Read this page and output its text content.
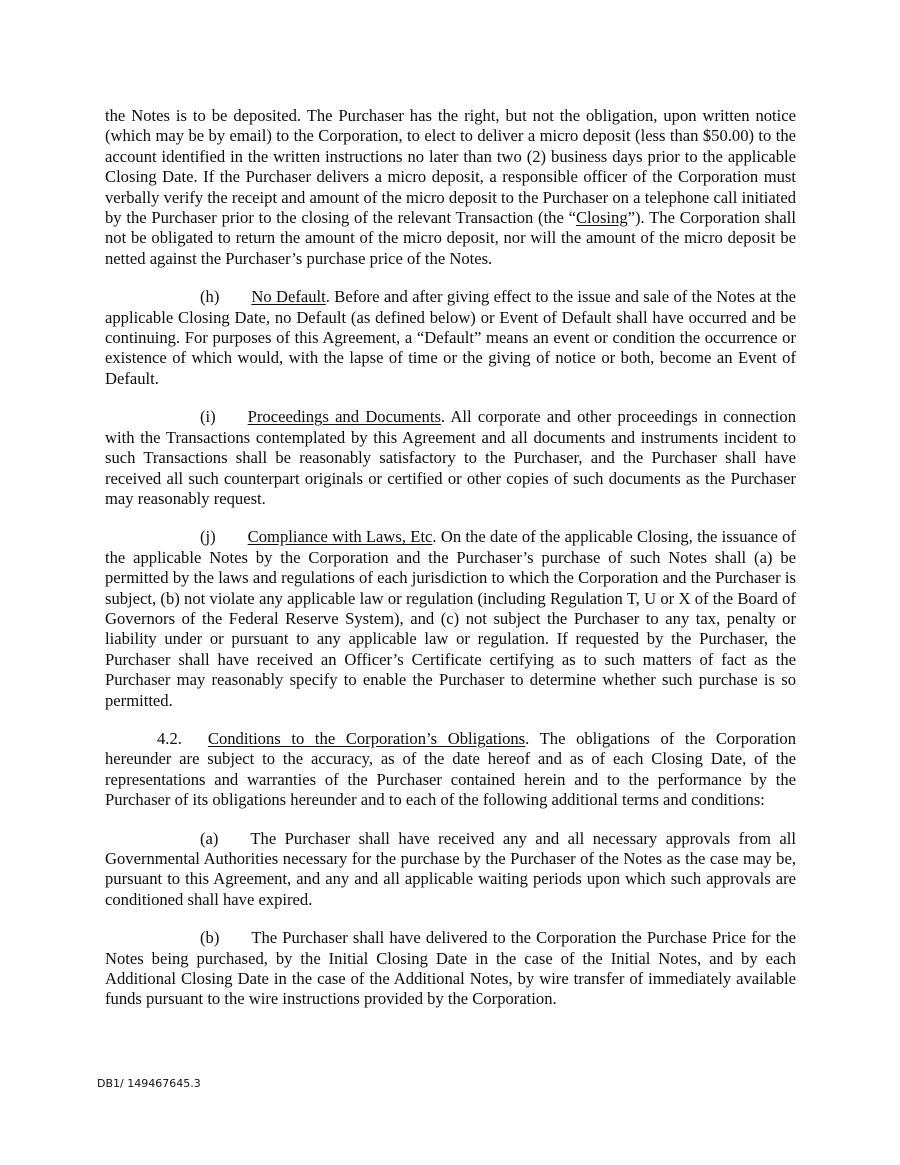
the Notes is to be deposited. The Purchaser has the right, but not the obligation, upon written notice (which may be by email) to the Corporation, to elect to deliver a micro deposit (less than $50.00) to the account identified in the written instructions no later than two (2) business days prior to the applicable Closing Date. If the Purchaser delivers a micro deposit, a responsible officer of the Corporation must verbally verify the receipt and amount of the micro deposit to the Purchaser on a telephone call initiated by the Purchaser prior to the closing of the relevant Transaction (the “Closing”). The Corporation shall not be obligated to return the amount of the micro deposit, nor will the amount of the micro deposit be netted against the Purchaser’s purchase price of the Notes.

(h) No Default. Before and after giving effect to the issue and sale of the Notes at the applicable Closing Date, no Default (as defined below) or Event of Default shall have occurred and be continuing. For purposes of this Agreement, a “Default” means an event or condition the occurrence or existence of which would, with the lapse of time or the giving of notice or both, become an Event of Default.

(i) Proceedings and Documents. All corporate and other proceedings in connection with the Transactions contemplated by this Agreement and all documents and instruments incident to such Transactions shall be reasonably satisfactory to the Purchaser, and the Purchaser shall have received all such counterpart originals or certified or other copies of such documents as the Purchaser may reasonably request.

(j) Compliance with Laws, Etc. On the date of the applicable Closing, the issuance of the applicable Notes by the Corporation and the Purchaser’s purchase of such Notes shall (a) be permitted by the laws and regulations of each jurisdiction to which the Corporation and the Purchaser is subject, (b) not violate any applicable law or regulation (including Regulation T, U or X of the Board of Governors of the Federal Reserve System), and (c) not subject the Purchaser to any tax, penalty or liability under or pursuant to any applicable law or regulation. If requested by the Purchaser, the Purchaser shall have received an Officer’s Certificate certifying as to such matters of fact as the Purchaser may reasonably specify to enable the Purchaser to determine whether such purchase is so permitted.

4.2. Conditions to the Corporation’s Obligations. The obligations of the Corporation hereunder are subject to the accuracy, as of the date hereof and as of each Closing Date, of the representations and warranties of the Purchaser contained herein and to the performance by the Purchaser of its obligations hereunder and to each of the following additional terms and conditions:

(a) The Purchaser shall have received any and all necessary approvals from all Governmental Authorities necessary for the purchase by the Purchaser of the Notes as the case may be, pursuant to this Agreement, and any and all applicable waiting periods upon which such approvals are conditioned shall have expired.

(b) The Purchaser shall have delivered to the Corporation the Purchase Price for the Notes being purchased, by the Initial Closing Date in the case of the Initial Notes, and by each Additional Closing Date in the case of the Additional Notes, by wire transfer of immediately available funds pursuant to the wire instructions provided by the Corporation.

DB1/ 149467645.3
